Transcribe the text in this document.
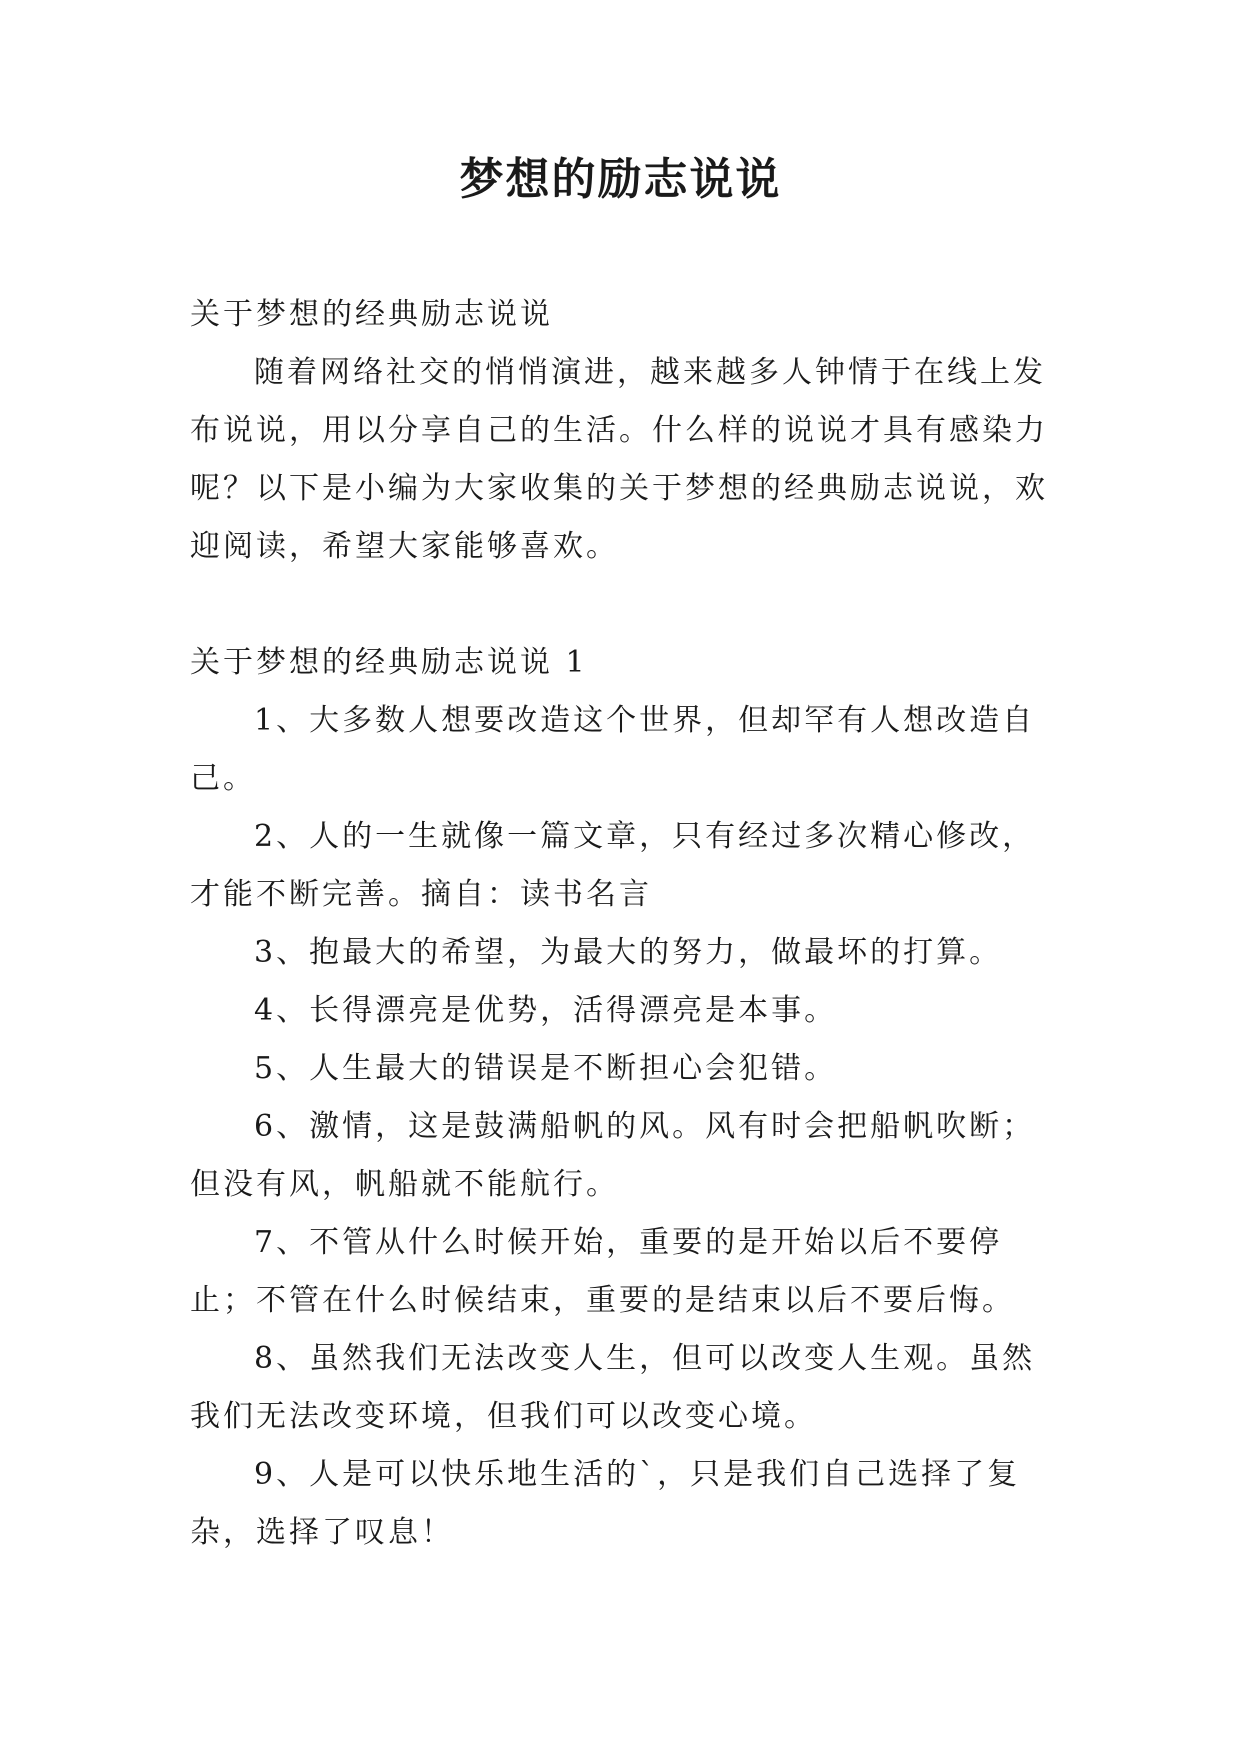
梦想的励志说说

关于梦想的经典励志说说

随着网络社交的悄悄演进，越来越多人钟情于在线上发布说说，用以分享自己的生活。什么样的说说才具有感染力呢？以下是小编为大家收集的关于梦想的经典励志说说，欢迎阅读，希望大家能够喜欢。

关于梦想的经典励志说说 1

1、大多数人想要改造这个世界，但却罕有人想改造自己。

2、人的一生就像一篇文章，只有经过多次精心修改，才能不断完善。摘自：读书名言

3、抱最大的希望，为最大的努力，做最坏的打算。

4、长得漂亮是优势，活得漂亮是本事。

5、人生最大的错误是不断担心会犯错。

6、激情，这是鼓满船帆的风。风有时会把船帆吹断；但没有风，帆船就不能航行。

7、不管从什么时候开始，重要的是开始以后不要停止；不管在什么时候结束，重要的是结束以后不要后悔。

8、虽然我们无法改变人生，但可以改变人生观。虽然我们无法改变环境，但我们可以改变心境。

9、人是可以快乐地生活的`，只是我们自己选择了复杂，选择了叹息！
